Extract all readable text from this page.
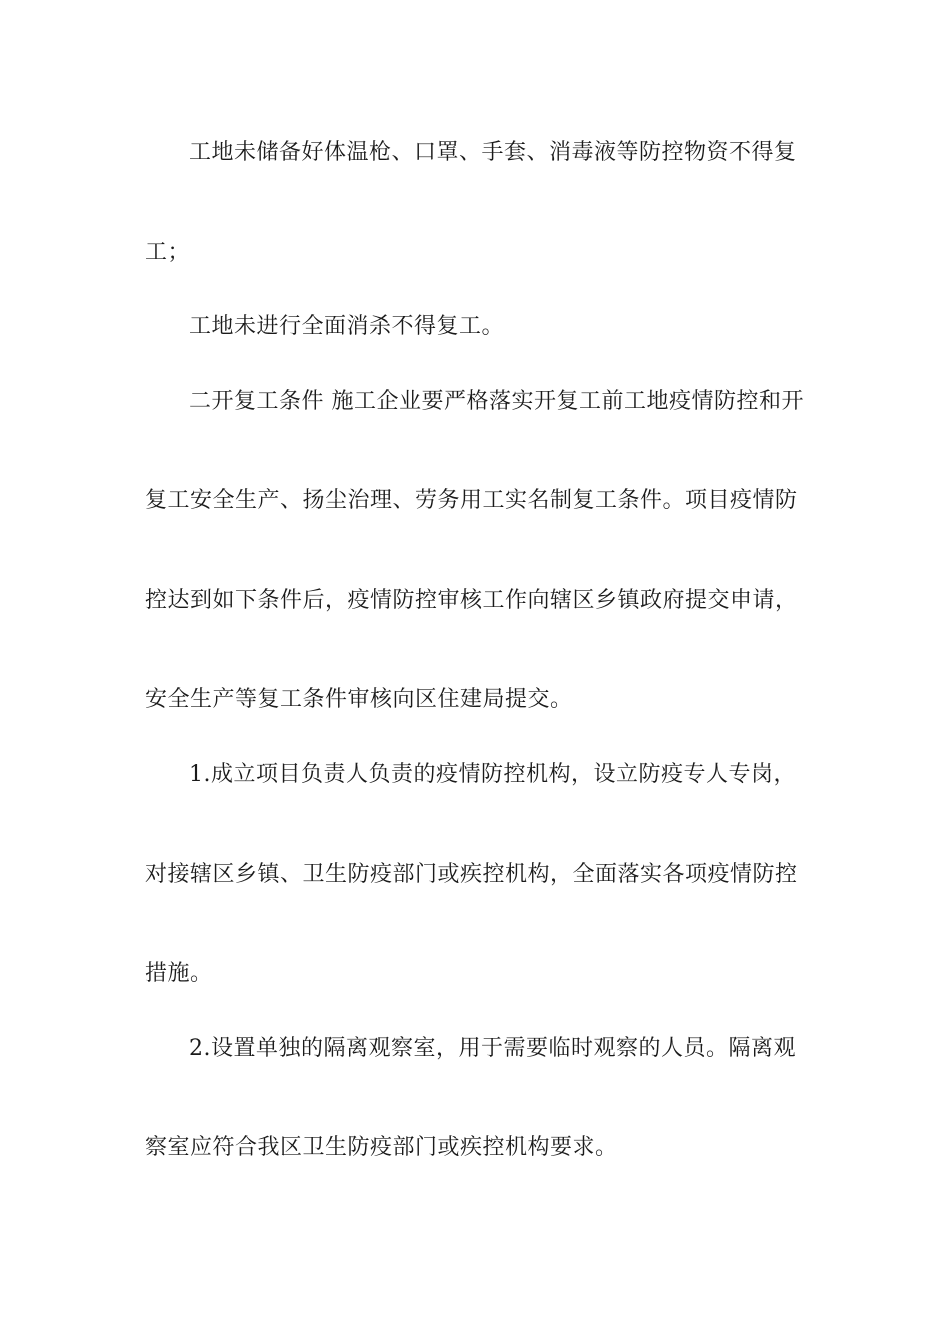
工地未储备好体温枪、口罩、手套、消毒液等防控物资不得复
工；
工地未进行全面消杀不得复工。
二开复工条件 施工企业要严格落实开复工前工地疫情防控和开
复工安全生产、扬尘治理、劳务用工实名制复工条件。项目疫情防
控达到如下条件后，疫情防控审核工作向辖区乡镇政府提交申请，
安全生产等复工条件审核向区住建局提交。
1.成立项目负责人负责的疫情防控机构，设立防疫专人专岗，
对接辖区乡镇、卫生防疫部门或疾控机构，全面落实各项疫情防控
措施。
2.设置单独的隔离观察室，用于需要临时观察的人员。隔离观
察室应符合我区卫生防疫部门或疾控机构要求。
